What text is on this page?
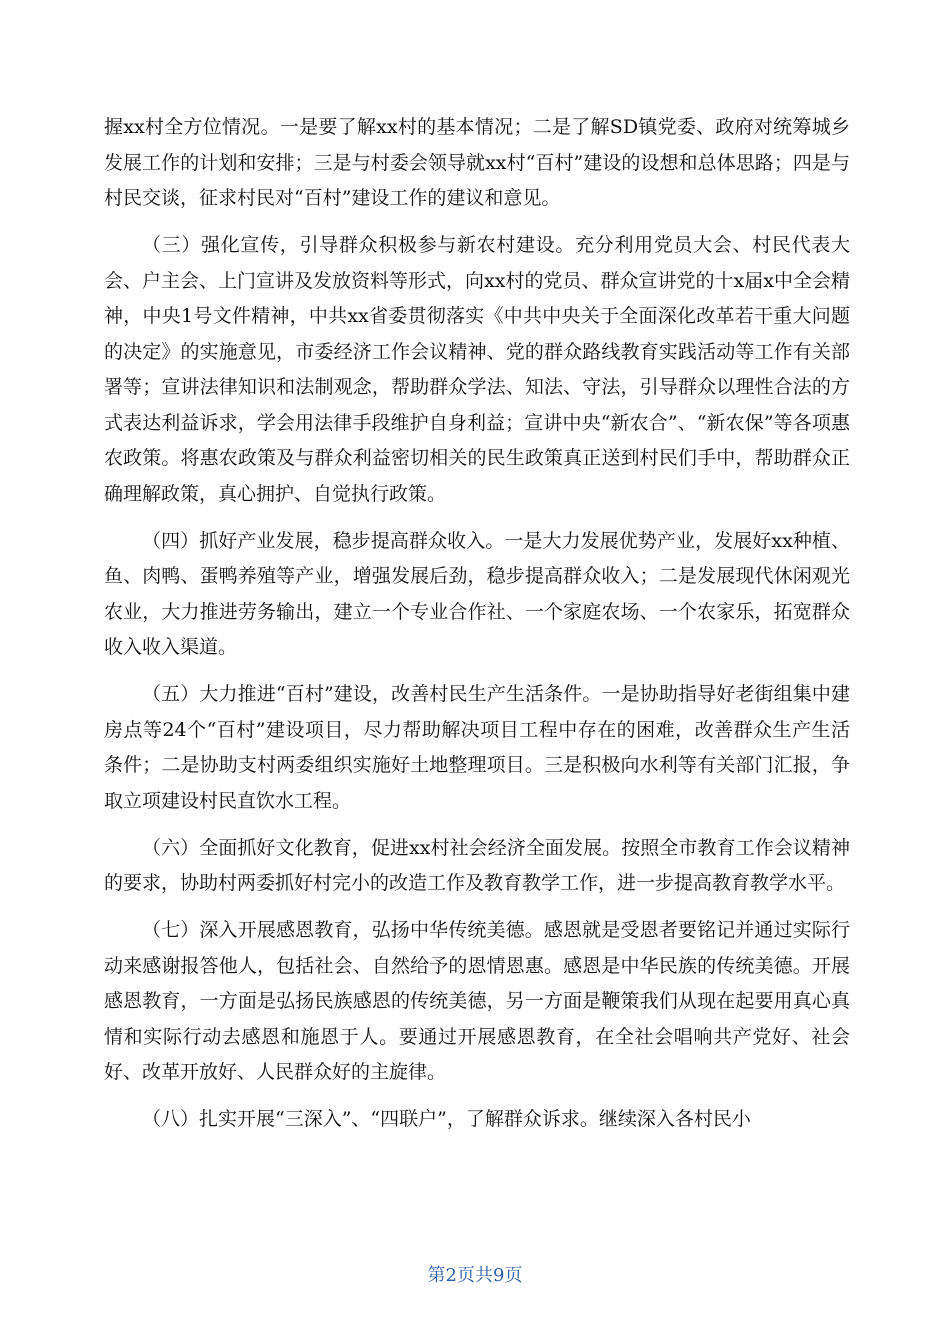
握xx村全方位情况。一是要了解xx村的基本情况；二是了解SD镇党委、政府对统筹城乡发展工作的计划和安排；三是与村委会领导就xx村“百村”建设的设想和总体思路；四是与村民交谈，征求村民对“百村”建设工作的建议和意见。

（三）强化宣传，引导群众积极参与新农村建设。充分利用党员大会、村民代表大会、户主会、上门宣讲及发放资料等形式，向xx村的党员、群众宣讲党的十x届x中全会精神，中央1号文件精神，中共xx省委贯彻落实《中共中央关于全面深化改革若干重大问题的决定》的实施意见，市委经济工作会议精神、党的群众路线教育实践活动等工作有关部署等；宣讲法律知识和法制观念，帮助群众学法、知法、守法，引导群众以理性合法的方式表达利益诉求，学会用法律手段维护自身利益；宣讲中央“新农合”、“新农保”等各项惠农政策。将惠农政策及与群众利益密切相关的民生政策真正送到村民们手中，帮助群众正确理解政策，真心拥护、自觉执行政策。

（四）抓好产业发展，稳步提高群众收入。一是大力发展优势产业，发展好xx种植、鱼、肉鸭、蛋鸭养殖等产业，增强发展后劲，稳步提高群众收入；二是发展现代休闲观光农业，大力推进劳务输出，建立一个专业合作社、一个家庭农场、一个农家乐，拓宽群众收入收入渠道。

（五）大力推进“百村”建设，改善村民生产生活条件。一是协助指导好老街组集中建房点等24个“百村”建设项目，尽力帮助解决项目工程中存在的困难，改善群众生产生活条件；二是协助支村两委组织实施好土地整理项目。三是积极向水利等有关部门汇报，争取立项建设村民直饮水工程。

（六）全面抓好文化教育，促进xx村社会经济全面发展。按照全市教育工作会议精神的要求，协助村两委抓好村完小的改造工作及教育教学工作，进一步提高教育教学水平。

（七）深入开展感恩教育，弘扬中华传统美德。感恩就是受恩者要铭记并通过实际行动来感谢报答他人，包括社会、自然给予的恩情恩惠。感恩是中华民族的传统美德。开展感恩教育，一方面是弘扬民族感恩的传统美德，另一方面是鞭策我们从现在起要用真心真情和实际行动去感恩和施恩于人。要通过开展感恩教育，在全社会唱响共产党好、社会好、改革开放好、人民群众好的主旋律。

（八）扎实开展“三深入”、“四联户”，了解群众诉求。继续深入各村民小

第2页共9页
